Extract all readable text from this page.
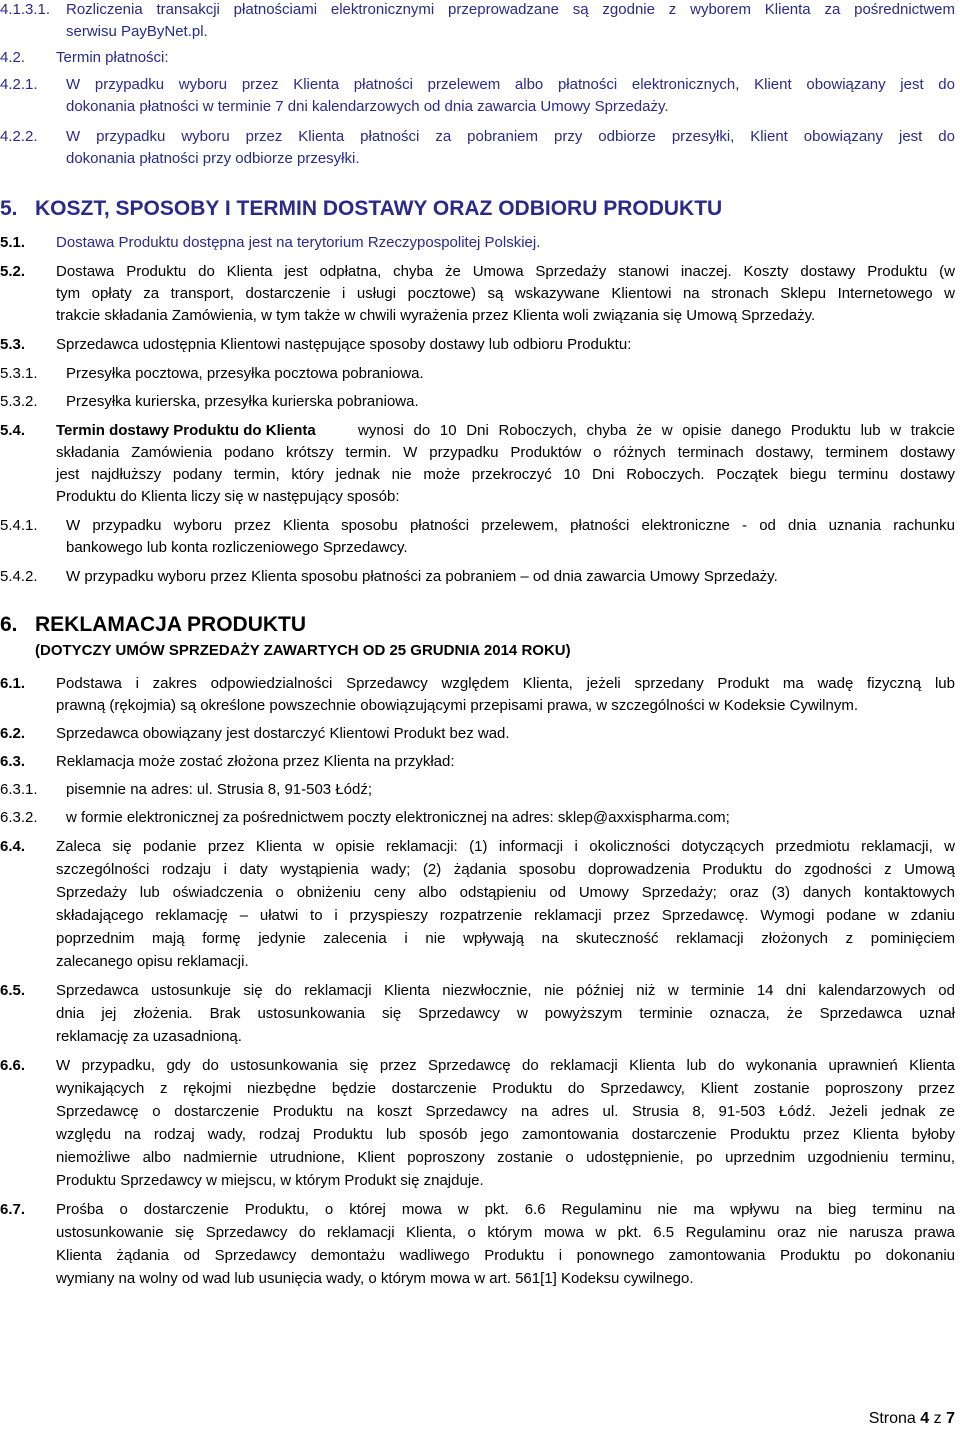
4.1.3.1. Rozliczenia transakcji płatnościami elektronicznymi przeprowadzane są zgodnie z wyborem Klienta za pośrednictwem
serwisu PayByNet.pl.
4.2. Termin płatności:
4.2.1. W przypadku wyboru przez Klienta płatności przelewem albo płatności elektronicznych, Klient obowiązany jest do
dokonania płatności w terminie 7 dni kalendarzowych od dnia zawarcia Umowy Sprzedaży.
4.2.2. W przypadku wyboru przez Klienta płatności za pobraniem przy odbiorze przesyłki, Klient obowiązany jest do
dokonania płatności przy odbiorze przesyłki.
5. KOSZT, SPOSOBY I TERMIN DOSTAWY ORAZ ODBIORU PRODUKTU
5.1. Dostawa Produktu dostępna jest na terytorium Rzeczypospolitej Polskiej.
5.2. Dostawa Produktu do Klienta jest odpłatna, chyba że Umowa Sprzedaży stanowi inaczej. Koszty dostawy Produktu (w
tym opłaty za transport, dostarczenie i usługi pocztowe) są wskazywane Klientowi na stronach Sklepu Internetowego w
trakcie składania Zamówienia, w tym także w chwili wyrażenia przez Klienta woli związania się Umową Sprzedaży.
5.3. Sprzedawca udostępnia Klientowi następujące sposoby dostawy lub odbioru Produktu:
5.3.1. Przesyłka pocztowa, przesyłka pocztowa pobraniowa.
5.3.2. Przesyłka kurierska, przesyłka kurierska pobraniowa.
5.4. Termin dostawy Produktu do Klienta	wynosi do 10 Dni Roboczych, chyba że w opisie danego Produktu lub w trakcie
składania Zamówienia podano krótszy termin. W przypadku Produktów o różnych terminach dostawy, terminem dostawy
jest najdłuższy podany termin, który jednak nie może przekroczyć 10 Dni Roboczych. Początek biegu terminu dostawy
Produktu do Klienta liczy się w następujący sposób:
5.4.1. W przypadku wyboru przez Klienta sposobu płatności przelewem, płatności elektroniczne - od dnia uznania rachunku
bankowego lub konta rozliczeniowego Sprzedawcy.
5.4.2. W przypadku wyboru przez Klienta sposobu płatności za pobraniem – od dnia zawarcia Umowy Sprzedaży.
6. REKLAMACJA PRODUKTU
(DOTYCZY UMÓW SPRZEDAŻY ZAWARTYCH OD 25 GRUDNIA 2014 ROKU)
6.1. Podstawa i zakres odpowiedzialności Sprzedawcy względem Klienta, jeżeli sprzedany Produkt ma wadę fizyczną lub
prawną (rękojmia) są określone powszechnie obowiązującymi przepisami prawa, w szczególności w Kodeksie Cywilnym.
6.2. Sprzedawca obowiązany jest dostarczyć Klientowi Produkt bez wad.
6.3. Reklamacja może zostać złożona przez Klienta na przykład:
6.3.1. pisemnie na adres: ul. Strusia 8, 91-503 Łódź;
6.3.2. w formie elektronicznej za pośrednictwem poczty elektronicznej na adres: sklep@axxispharma.com;
6.4. Zaleca się podanie przez Klienta w opisie reklamacji: (1) informacji i okoliczności dotyczących przedmiotu reklamacji, w
szczególności rodzaju i daty wystąpienia wady; (2) żądania sposobu doprowadzenia Produktu do zgodności z Umową
Sprzedaży lub oświadczenia o obniżeniu ceny albo odstąpieniu od Umowy Sprzedaży; oraz (3) danych kontaktowych
składającego reklamację – ułatwi to i przyspieszy rozpatrzenie reklamacji przez Sprzedawcę. Wymogi podane w zdaniu
poprzednim mają formę jedynie zalecenia i nie wpływają na skuteczność reklamacji złożonych z pominięciem
zalecanego opisu reklamacji.
6.5. Sprzedawca ustosunkuje się do reklamacji Klienta niezwłocznie, nie później niż w terminie 14 dni kalendarzowych od
dnia jej złożenia. Brak ustosunkowania się Sprzedawcy w powyższym terminie oznacza, że Sprzedawca uznał
reklamację za uzasadnioną.
6.6. W przypadku, gdy do ustosunkowania się przez Sprzedawcę do reklamacji Klienta lub do wykonania uprawnień Klienta
wynikających z rękojmi niezbędne będzie dostarczenie Produktu do Sprzedawcy, Klient zostanie poproszony przez
Sprzedawcę o dostarczenie Produktu na koszt Sprzedawcy na adres ul. Strusia 8, 91-503 Łódź. Jeżeli jednak ze
względu na rodzaj wady, rodzaj Produktu lub sposób jego zamontowania dostarczenie Produktu przez Klienta byłoby
niemożliwe albo nadmiernie utrudnione, Klient poproszony zostanie o udostępnienie, po uprzednim uzgodnieniu terminu,
Produktu Sprzedawcy w miejscu, w którym Produkt się znajduje.
6.7. Prośba o dostarczenie Produktu, o której mowa w pkt. 6.6 Regulaminu nie ma wpływu na bieg terminu na
ustosunkowanie się Sprzedawcy do reklamacji Klienta, o którym mowa w pkt. 6.5 Regulaminu oraz nie narusza prawa
Klienta żądania od Sprzedawcy demontażu wadliwego Produktu i ponownego zamontowania Produktu po dokonaniu
wymiany na wolny od wad lub usunięcia wady, o którym mowa w art. 561[1] Kodeksu cywilnego.
Strona 4 z 7
